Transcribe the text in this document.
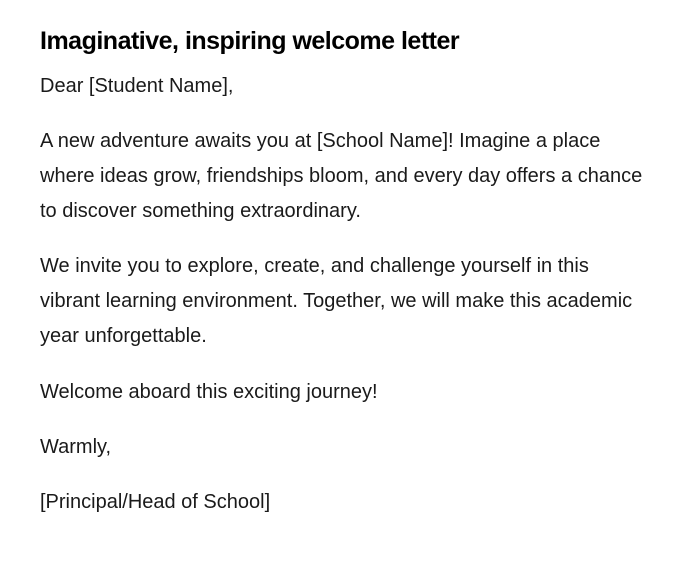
Imaginative, inspiring welcome letter

Dear [Student Name],

A new adventure awaits you at [School Name]! Imagine a place where ideas grow, friendships bloom, and every day offers a chance to discover something extraordinary.

We invite you to explore, create, and challenge yourself in this vibrant learning environment. Together, we will make this academic year unforgettable.

Welcome aboard this exciting journey!

Warmly,

[Principal/Head of School]
